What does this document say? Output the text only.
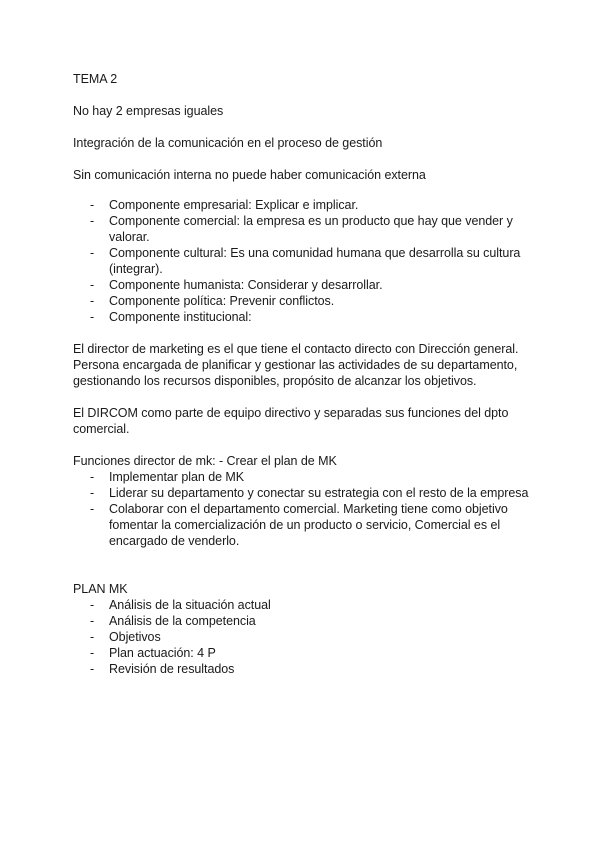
TEMA 2
No hay 2 empresas iguales
Integración de la comunicación en el proceso de gestión
Sin comunicación interna no puede haber comunicación externa
- Componente empresarial: Explicar e implicar.
- Componente comercial: la empresa es un producto que hay que vender y valorar.
- Componente cultural: Es una comunidad humana que desarrolla su cultura (integrar).
- Componente humanista: Considerar y desarrollar.
- Componente política: Prevenir conflictos.
- Componente institucional:
El director de marketing es el que tiene el contacto directo con Dirección general.
Persona encargada de planificar y gestionar las actividades de su departamento,
gestionando los recursos disponibles, propósito de alcanzar los objetivos.
El DIRCOM como parte de equipo directivo y separadas sus funciones del dpto
comercial.
Funciones director de mk: - Crear el plan de MK
- Implementar plan de MK
- Liderar su departamento y conectar su estrategia con el resto de la empresa
- Colaborar con el departamento comercial. Marketing tiene como objetivo fomentar la comercialización de un producto o servicio, Comercial es el encargado de venderlo.
PLAN MK
- Análisis de la situación actual
- Análisis de la competencia
- Objetivos
- Plan actuación: 4 P
- Revisión de resultados
